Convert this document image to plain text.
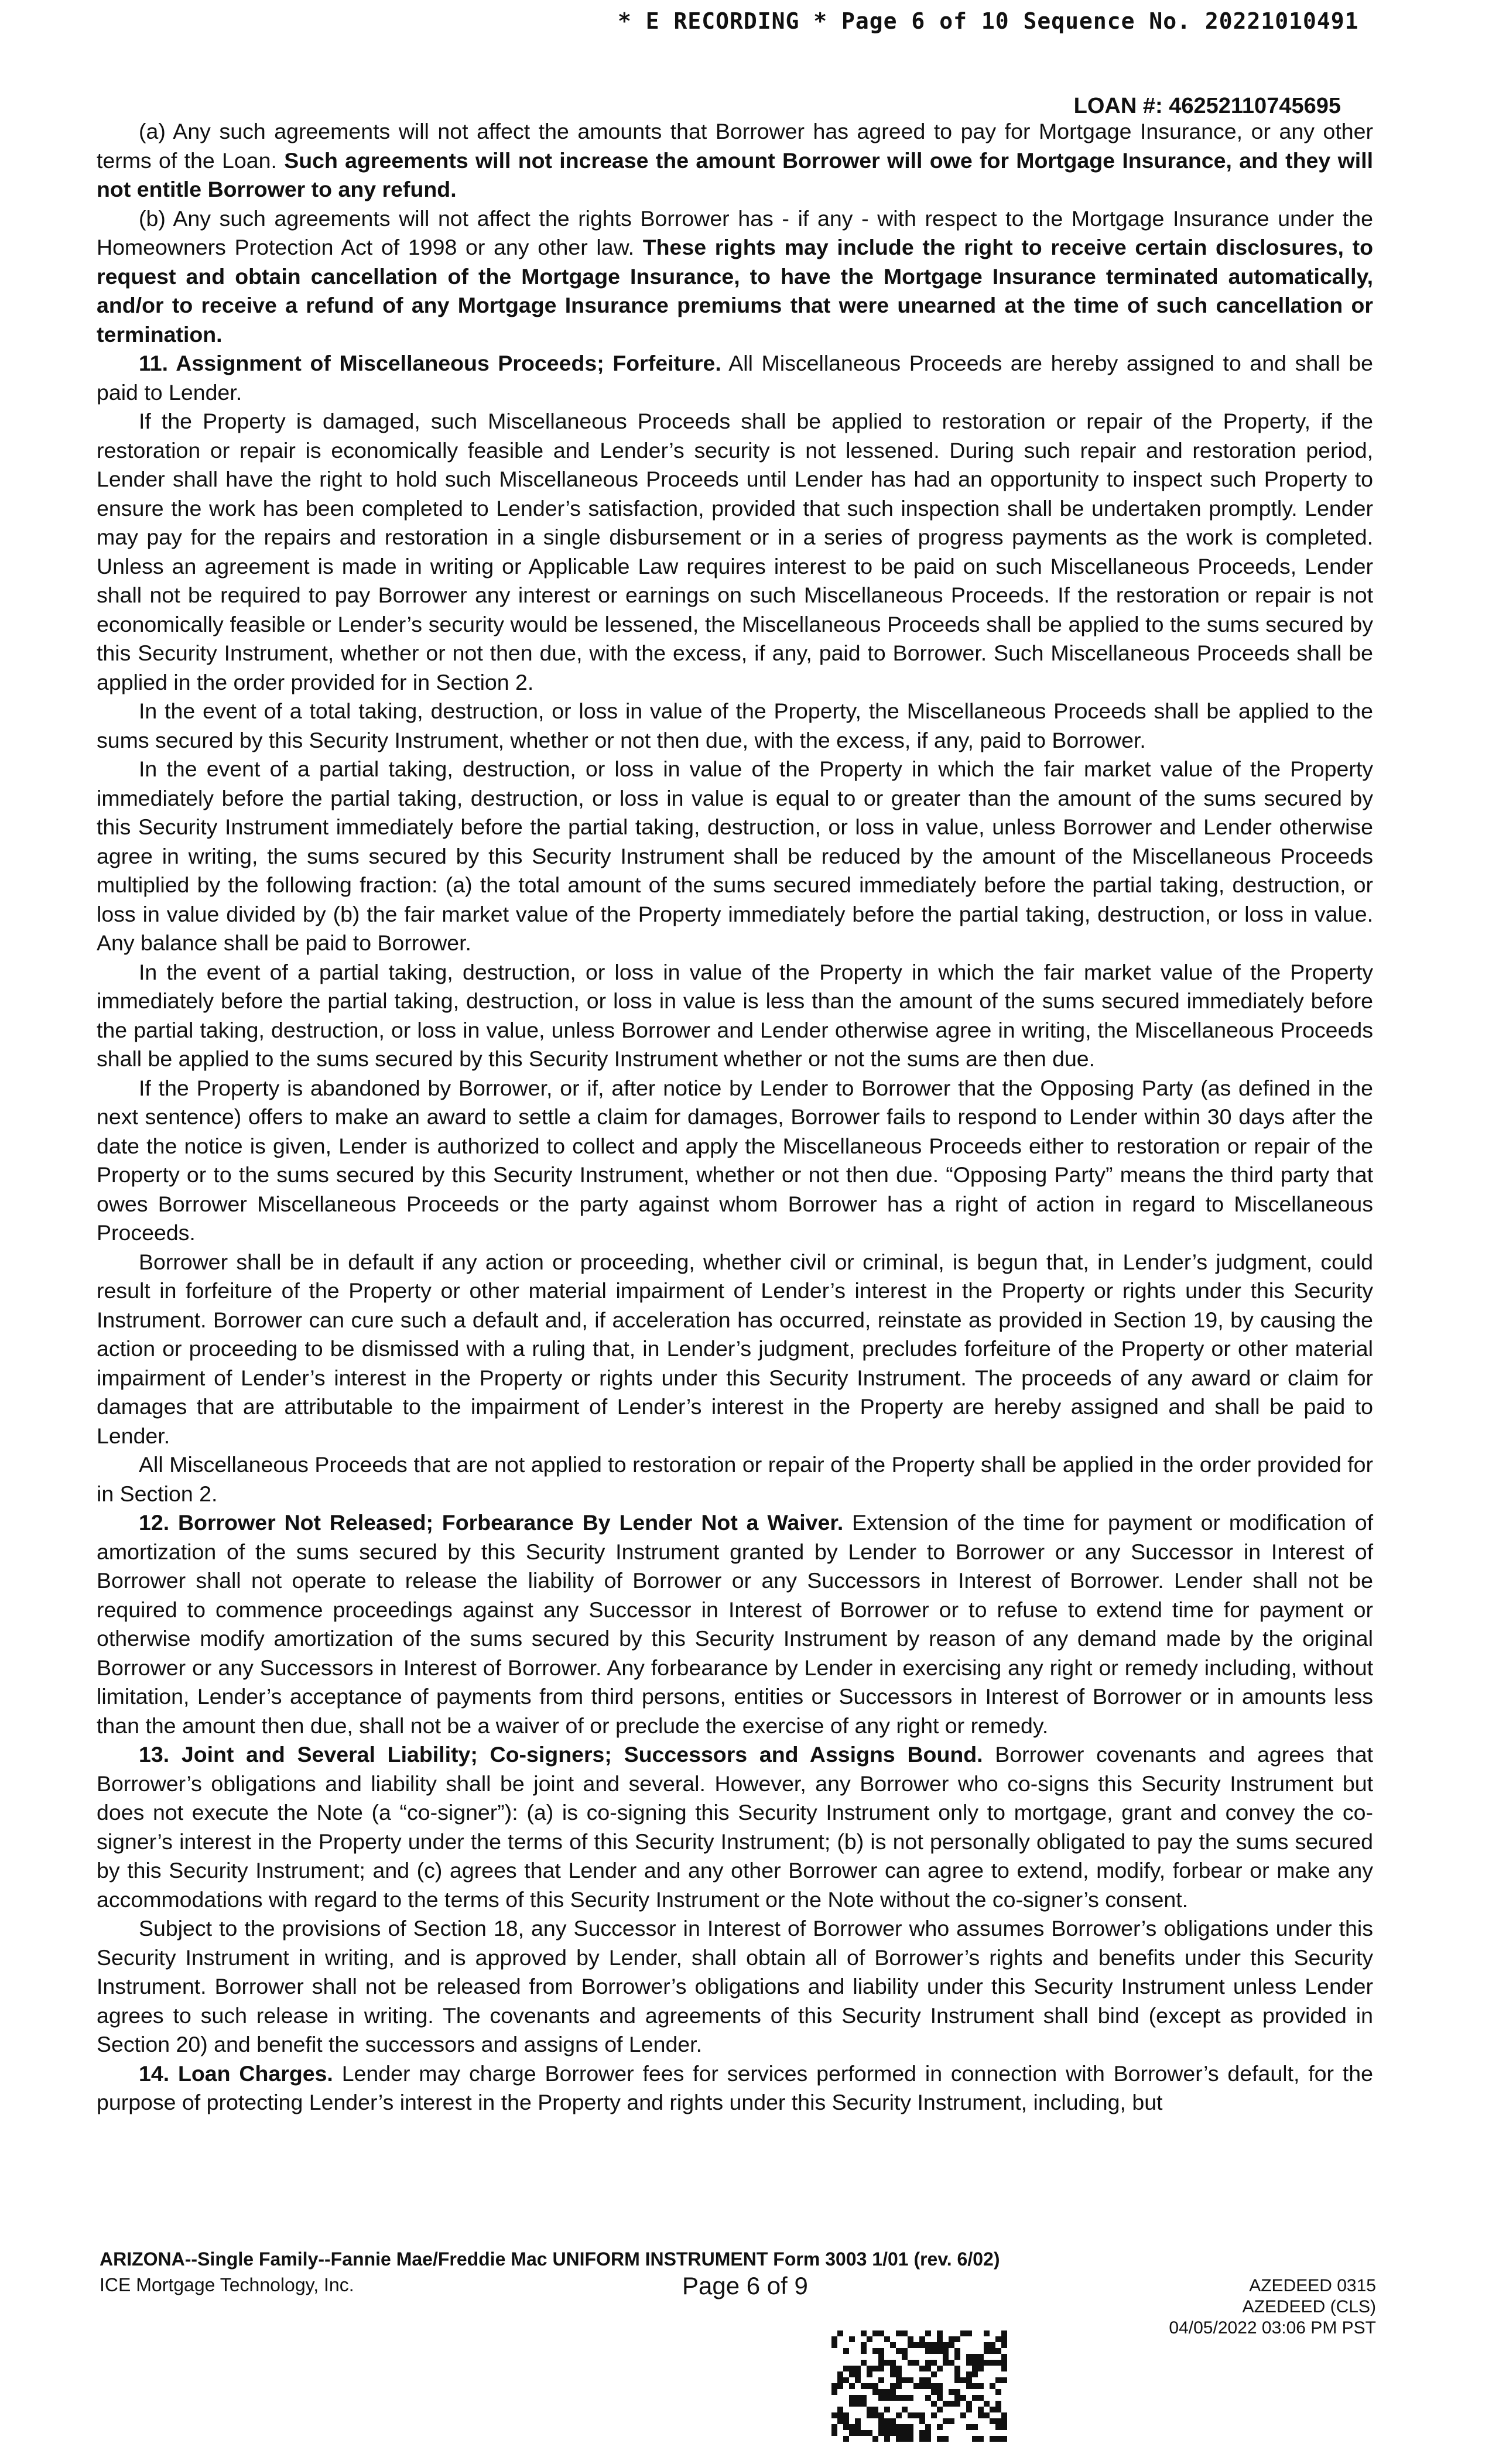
* E RECORDING * Page 6 of 10 Sequence No. 20221010491
LOAN #: 46252110745695

(a) Any such agreements will not affect the amounts that Borrower has agreed to pay for Mortgage Insurance, or any other terms of the Loan. Such agreements will not increase the amount Borrower will owe for Mortgage Insurance, and they will not entitle Borrower to any refund.

(b) Any such agreements will not affect the rights Borrower has - if any - with respect to the Mortgage Insurance under the Homeowners Protection Act of 1998 or any other law. These rights may include the right to receive certain disclosures, to request and obtain cancellation of the Mortgage Insurance, to have the Mortgage Insurance terminated automatically, and/or to receive a refund of any Mortgage Insurance premiums that were unearned at the time of such cancellation or termination.

11. Assignment of Miscellaneous Proceeds; Forfeiture. All Miscellaneous Proceeds are hereby assigned to and shall be paid to Lender.

If the Property is damaged, such Miscellaneous Proceeds shall be applied to restoration or repair of the Property, if the restoration or repair is economically feasible and Lender’s security is not lessened. During such repair and restoration period, Lender shall have the right to hold such Miscellaneous Proceeds until Lender has had an opportunity to inspect such Property to ensure the work has been completed to Lender’s satisfaction, provided that such inspection shall be undertaken promptly. Lender may pay for the repairs and restoration in a single disbursement or in a series of progress payments as the work is completed. Unless an agreement is made in writing or Applicable Law requires interest to be paid on such Miscellaneous Proceeds, Lender shall not be required to pay Borrower any interest or earnings on such Miscellaneous Proceeds. If the restoration or repair is not economically feasible or Lender’s security would be lessened, the Miscellaneous Proceeds shall be applied to the sums secured by this Security Instrument, whether or not then due, with the excess, if any, paid to Borrower. Such Miscellaneous Proceeds shall be applied in the order provided for in Section 2.

In the event of a total taking, destruction, or loss in value of the Property, the Miscellaneous Proceeds shall be applied to the sums secured by this Security Instrument, whether or not then due, with the excess, if any, paid to Borrower.

In the event of a partial taking, destruction, or loss in value of the Property in which the fair market value of the Property immediately before the partial taking, destruction, or loss in value is equal to or greater than the amount of the sums secured by this Security Instrument immediately before the partial taking, destruction, or loss in value, unless Borrower and Lender otherwise agree in writing, the sums secured by this Security Instrument shall be reduced by the amount of the Miscellaneous Proceeds multiplied by the following fraction: (a) the total amount of the sums secured immediately before the partial taking, destruction, or loss in value divided by (b) the fair market value of the Property immediately before the partial taking, destruction, or loss in value. Any balance shall be paid to Borrower.

In the event of a partial taking, destruction, or loss in value of the Property in which the fair market value of the Property immediately before the partial taking, destruction, or loss in value is less than the amount of the sums secured immediately before the partial taking, destruction, or loss in value, unless Borrower and Lender otherwise agree in writing, the Miscellaneous Proceeds shall be applied to the sums secured by this Security Instrument whether or not the sums are then due.

If the Property is abandoned by Borrower, or if, after notice by Lender to Borrower that the Opposing Party (as defined in the next sentence) offers to make an award to settle a claim for damages, Borrower fails to respond to Lender within 30 days after the date the notice is given, Lender is authorized to collect and apply the Miscellaneous Proceeds either to restoration or repair of the Property or to the sums secured by this Security Instrument, whether or not then due. “Opposing Party” means the third party that owes Borrower Miscellaneous Proceeds or the party against whom Borrower has a right of action in regard to Miscellaneous Proceeds.

Borrower shall be in default if any action or proceeding, whether civil or criminal, is begun that, in Lender’s judgment, could result in forfeiture of the Property or other material impairment of Lender’s interest in the Property or rights under this Security Instrument. Borrower can cure such a default and, if acceleration has occurred, reinstate as provided in Section 19, by causing the action or proceeding to be dismissed with a ruling that, in Lender’s judgment, precludes forfeiture of the Property or other material impairment of Lender’s interest in the Property or rights under this Security Instrument. The proceeds of any award or claim for damages that are attributable to the impairment of Lender’s interest in the Property are hereby assigned and shall be paid to Lender.

All Miscellaneous Proceeds that are not applied to restoration or repair of the Property shall be applied in the order provided for in Section 2.

12. Borrower Not Released; Forbearance By Lender Not a Waiver. Extension of the time for payment or modification of amortization of the sums secured by this Security Instrument granted by Lender to Borrower or any Successor in Interest of Borrower shall not operate to release the liability of Borrower or any Successors in Interest of Borrower. Lender shall not be required to commence proceedings against any Successor in Interest of Borrower or to refuse to extend time for payment or otherwise modify amortization of the sums secured by this Security Instrument by reason of any demand made by the original Borrower or any Successors in Interest of Borrower. Any forbearance by Lender in exercising any right or remedy including, without limitation, Lender’s acceptance of payments from third persons, entities or Successors in Interest of Borrower or in amounts less than the amount then due, shall not be a waiver of or preclude the exercise of any right or remedy.

13. Joint and Several Liability; Co-signers; Successors and Assigns Bound. Borrower covenants and agrees that Borrower’s obligations and liability shall be joint and several. However, any Borrower who co-signs this Security Instrument but does not execute the Note (a “co-signer”): (a) is co-signing this Security Instrument only to mortgage, grant and convey the co-signer’s interest in the Property under the terms of this Security Instrument; (b) is not personally obligated to pay the sums secured by this Security Instrument; and (c) agrees that Lender and any other Borrower can agree to extend, modify, forbear or make any accommodations with regard to the terms of this Security Instrument or the Note without the co-signer’s consent.

Subject to the provisions of Section 18, any Successor in Interest of Borrower who assumes Borrower’s obligations under this Security Instrument in writing, and is approved by Lender, shall obtain all of Borrower’s rights and benefits under this Security Instrument. Borrower shall not be released from Borrower’s obligations and liability under this Security Instrument unless Lender agrees to such release in writing. The covenants and agreements of this Security Instrument shall bind (except as provided in Section 20) and benefit the successors and assigns of Lender.

14. Loan Charges. Lender may charge Borrower fees for services performed in connection with Borrower’s default, for the purpose of protecting Lender’s interest in the Property and rights under this Security Instrument, including, but

ARIZONA--Single Family--Fannie Mae/Freddie Mac UNIFORM INSTRUMENT Form 3003 1/01 (rev. 6/02)
ICE Mortgage Technology, Inc.	Page 6 of 9	AZEDEED 0315
AZEDEED (CLS)
04/05/2022 03:06 PM PST
